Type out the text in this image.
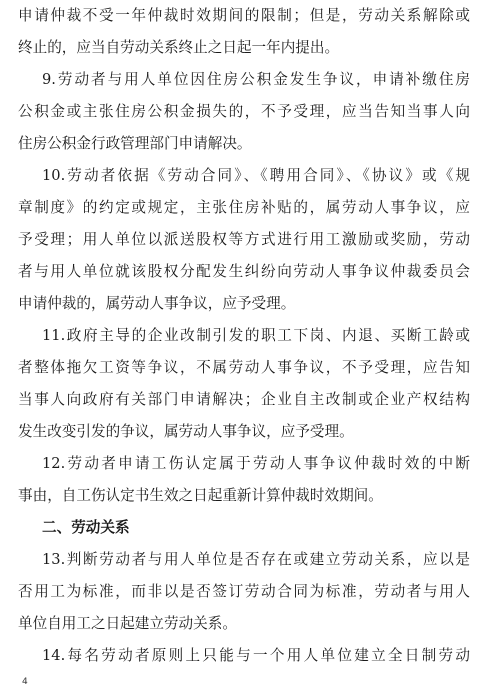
申请仲裁不受一年仲裁时效期间的限制；但是，劳动关系解除或
终止的，应当自劳动关系终止之日起一年内提出。
9.劳动者与用人单位因住房公积金发生争议，申请补缴住房
公积金或主张住房公积金损失的，不予受理，应当告知当事人向
住房公积金行政管理部门申请解决。
10.劳动者依据《劳动合同》、《聘用合同》、《协议》或《规
章制度》的约定或规定，主张住房补贴的，属劳动人事争议，应
予受理；用人单位以派送股权等方式进行用工激励或奖励，劳动
者与用人单位就该股权分配发生纠纷向劳动人事争议仲裁委员会
申请仲裁的，属劳动人事争议，应予受理。
11.政府主导的企业改制引发的职工下岗、内退、买断工龄或
者整体拖欠工资等争议，不属劳动人事争议，不予受理，应告知
当事人向政府有关部门申请解决；企业自主改制或企业产权结构
发生改变引发的争议，属劳动人事争议，应予受理。
12.劳动者申请工伤认定属于劳动人事争议仲裁时效的中断
事由，自工伤认定书生效之日起重新计算仲裁时效期间。
二、劳动关系
13.判断劳动者与用人单位是否存在或建立劳动关系，应以是
否用工为标准，而非以是否签订劳动合同为标准，劳动者与用人
单位自用工之日起建立劳动关系。
14.每名劳动者原则上只能与一个用人单位建立全日制劳动
4
